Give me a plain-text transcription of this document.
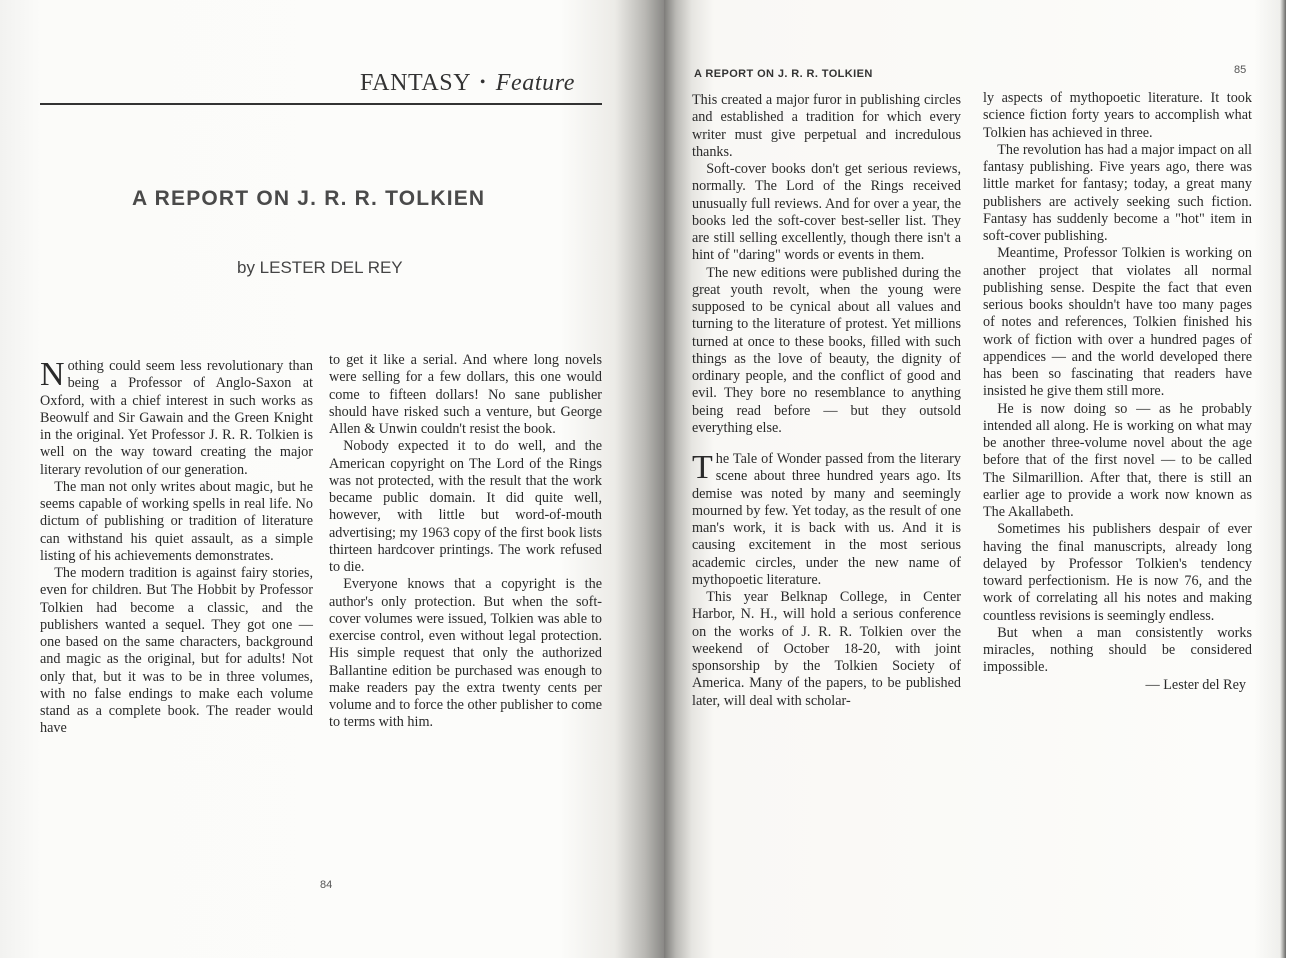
FANTASY • Feature
A REPORT ON J. R. R. TOLKIEN
by LESTER DEL REY

Nothing could seem less revolutionary than being a Professor of Anglo-Saxon at Oxford, with a chief interest in such works as Beowulf and Sir Gawain and the Green Knight in the original. Yet Professor J. R. R. Tolkien is well on the way toward creating the major literary revolution of our generation.

The man not only writes about magic, but he seems capable of working spells in real life. No dictum of publishing or tradition of literature can withstand his quiet assault, as a simple listing of his achievements demonstrates.

The modern tradition is against fairy stories, even for children. But The Hobbit by Professor Tolkien had become a classic, and the publishers wanted a sequel. They got one — one based on the same characters, background and magic as the original, but for adults! Not only that, but it was to be in three volumes, with no false endings to make each volume stand as a complete book. The reader would have

to get it like a serial. And where long novels were selling for a few dollars, this one would come to fifteen dollars! No sane publisher should have risked such a venture, but George Allen & Unwin couldn't resist the book.

Nobody expected it to do well, and the American copyright on The Lord of the Rings was not protected, with the result that the work became public domain. It did quite well, however, with little but word-of-mouth advertising; my 1963 copy of the first book lists thirteen hardcover printings. The work refused to die.

Everyone knows that a copyright is the author's only protection. But when the soft-cover volumes were issued, Tolkien was able to exercise control, even without legal protection. His simple request that only the authorized Ballantine edition be purchased was enough to make readers pay the extra twenty cents per volume and to force the other publisher to come to terms with him.

84
A REPORT ON J. R. R. TOLKIEN	85

This created a major furor in publishing circles and established a tradition for which every writer must give perpetual and incredulous thanks.

Soft-cover books don't get serious reviews, normally. The Lord of the Rings received unusually full reviews. And for over a year, the books led the soft-cover best-seller list. They are still selling excellently, though there isn't a hint of "daring" words or events in them.

The new editions were published during the great youth revolt, when the young were supposed to be cynical about all values and turning to the literature of protest. Yet millions turned at once to these books, filled with such things as the love of beauty, the dignity of ordinary people, and the conflict of good and evil. They bore no resemblance to anything being read before — but they outsold everything else.

The Tale of Wonder passed from the literary scene about three hundred years ago. Its demise was noted by many and seemingly mourned by few. Yet today, as the result of one man's work, it is back with us. And it is causing excitement in the most serious academic circles, under the new name of mythopoetic literature.

This year Belknap College, in Center Harbor, N. H., will hold a serious conference on the works of J. R. R. Tolkien over the weekend of October 18-20, with joint sponsorship by the Tolkien Society of America. Many of the papers, to be published later, will deal with scholar-

ly aspects of mythopoetic literature. It took science fiction forty years to accomplish what Tolkien has achieved in three.

The revolution has had a major impact on all fantasy publishing. Five years ago, there was little market for fantasy; today, a great many publishers are actively seeking such fiction. Fantasy has suddenly become a "hot" item in soft-cover publishing.

Meantime, Professor Tolkien is working on another project that violates all normal publishing sense. Despite the fact that even serious books shouldn't have too many pages of notes and references, Tolkien finished his work of fiction with over a hundred pages of appendices — and the world developed there has been so fascinating that readers have insisted he give them still more.

He is now doing so — as he probably intended all along. He is working on what may be another three-volume novel about the age before that of the first novel — to be called The Silmarillion. After that, there is still an earlier age to provide a work now known as The Akallabeth.

Sometimes his publishers despair of ever having the final manuscripts, already long delayed by Professor Tolkien's tendency toward perfectionism. He is now 76, and the work of correlating all his notes and making countless revisions is seemingly endless.

But when a man consistently works miracles, nothing should be considered impossible.

— Lester del Rey
